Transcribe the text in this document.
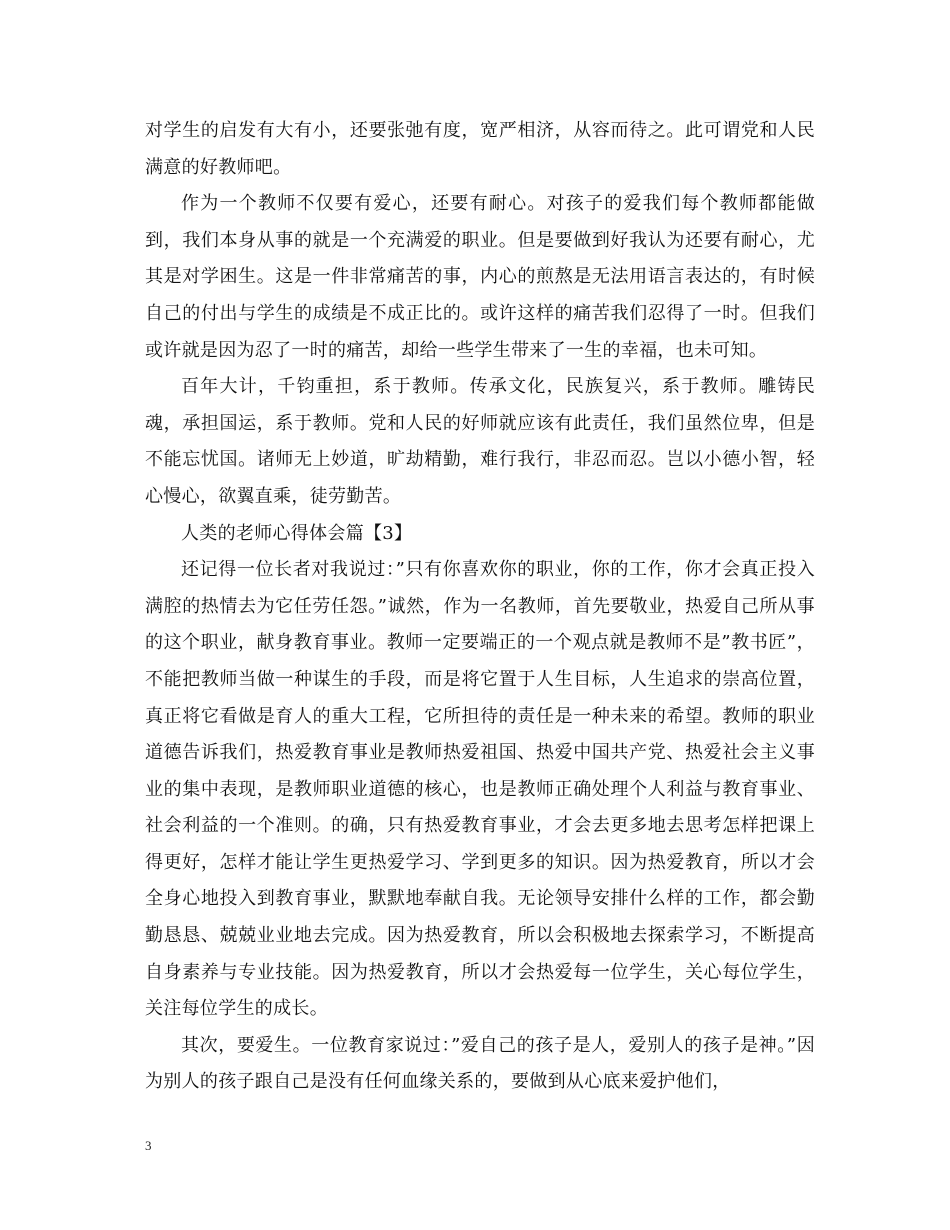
对学生的启发有大有小，还要张弛有度，宽严相济，从容而待之。此可谓党和人民满意的好教师吧。

作为一个教师不仅要有爱心，还要有耐心。对孩子的爱我们每个教师都能做到，我们本身从事的就是一个充满爱的职业。但是要做到好我认为还要有耐心，尤其是对学困生。这是一件非常痛苦的事，内心的煎熬是无法用语言表达的，有时候自己的付出与学生的成绩是不成正比的。或许这样的痛苦我们忍得了一时。但我们或许就是因为忍了一时的痛苦，却给一些学生带来了一生的幸福，也未可知。

百年大计，千钧重担，系于教师。传承文化，民族复兴，系于教师。雕铸民魂，承担国运，系于教师。党和人民的好师就应该有此责任，我们虽然位卑，但是不能忘忧国。诸师无上妙道，旷劫精勤，难行我行，非忍而忍。岂以小德小智，轻心慢心，欲翼直乘，徒劳勤苦。

人类的老师心得体会篇【3】

还记得一位长者对我说过：”只有你喜欢你的职业，你的工作，你才会真正投入满腔的热情去为它任劳任怨。”诚然，作为一名教师，首先要敬业，热爱自己所从事的这个职业，献身教育事业。教师一定要端正的一个观点就是教师不是”教书匠”，不能把教师当做一种谋生的手段，而是将它置于人生目标，人生追求的崇高位置，真正将它看做是育人的重大工程，它所担待的责任是一种未来的希望。教师的职业道德告诉我们，热爱教育事业是教师热爱祖国、热爱中国共产党、热爱社会主义事业的集中表现，是教师职业道德的核心，也是教师正确处理个人利益与教育事业、社会利益的一个准则。的确，只有热爱教育事业，才会去更多地去思考怎样把课上得更好，怎样才能让学生更热爱学习、学到更多的知识。因为热爱教育，所以才会全身心地投入到教育事业，默默地奉献自我。无论领导安排什么样的工作，都会勤勤恳恳、兢兢业业地去完成。因为热爱教育，所以会积极地去探索学习，不断提高自身素养与专业技能。因为热爱教育，所以才会热爱每一位学生，关心每位学生，关注每位学生的成长。

其次，要爱生。一位教育家说过：”爱自己的孩子是人，爱别人的孩子是神。”因为别人的孩子跟自己是没有任何血缘关系的，要做到从心底来爱护他们，

3
